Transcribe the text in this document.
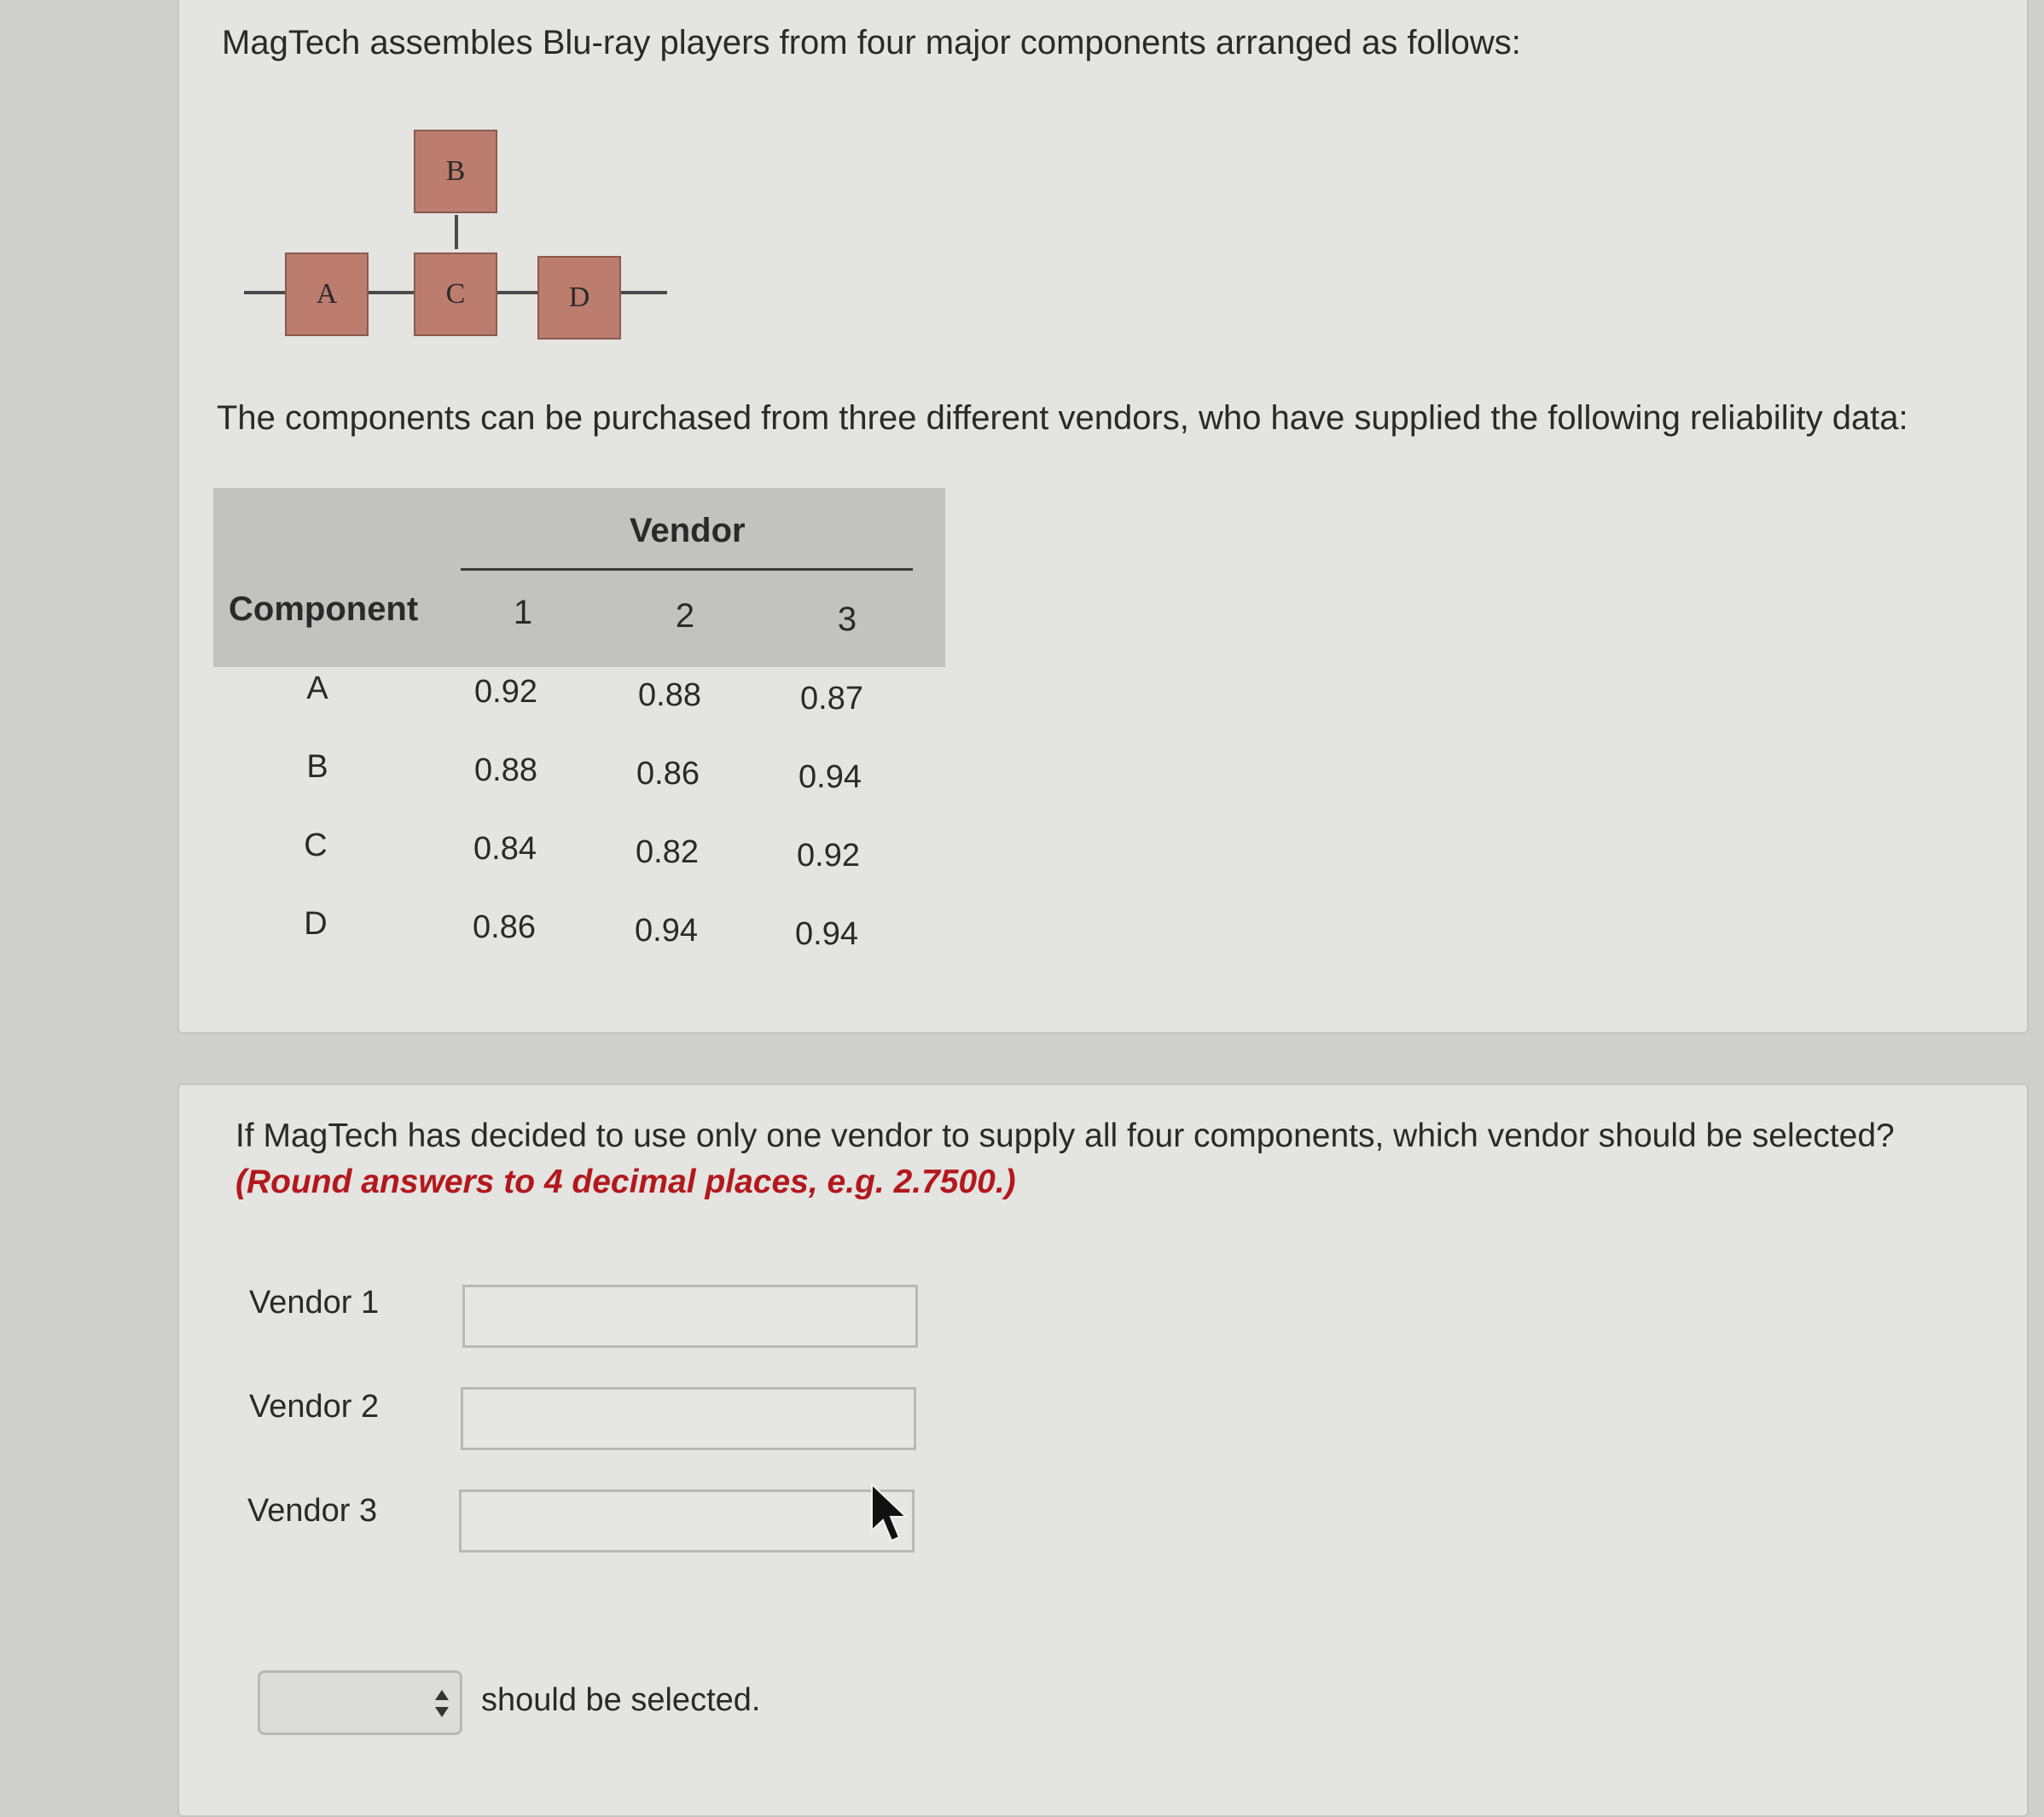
MagTech assembles Blu-ray players from four major components arranged as follows:
A
B
C	D
The components can be purchased from three different vendors, who have supplied the following reliability data:
Vendor
Component	1	2	3
A	0.92	0.88	0.87
B	0.88	0.86	0.94
C	0.84	0.82	0.92
D	0.86	0.94	0.94
If MagTech has decided to use only one vendor to supply all four components, which vendor should be selected?
(Round answers to 4 decimal places, e.g. 2.7500.)
Vendor 1
Vendor 2
Vendor 3
should be selected.
